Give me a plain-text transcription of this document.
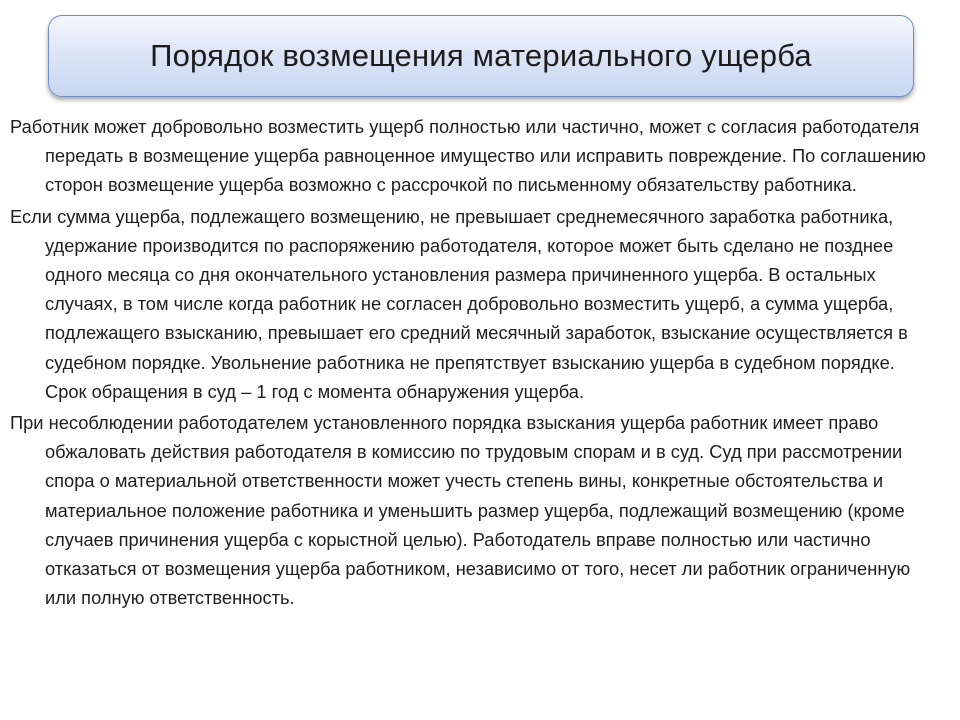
Порядок возмещения материального ущерба

Работник может добровольно возместить ущерб полностью или частично, может с согласия работодателя передать в возмещение ущерба равноценное имущество или исправить повреждение. По соглашению сторон возмещение ущерба возможно с рассрочкой по письменному обязательству работника.

Если сумма ущерба, подлежащего возмещению, не превышает среднемесячного заработка работника, удержание производится по распоряжению работодателя, которое может быть сделано не позднее одного месяца со дня окончательного установления размера причиненного ущерба. В остальных случаях, в том числе когда работник не согласен добровольно возместить ущерб, а сумма ущерба, подлежащего взысканию, превышает его средний месячный заработок, взыскание осуществляется в судебном порядке. Увольнение работника не препятствует взысканию ущерба в судебном порядке. Срок обращения в суд – 1 год с момента обнаружения ущерба.

При несоблюдении работодателем установленного порядка взыскания ущерба работник имеет право обжаловать действия работодателя в комиссию по трудовым спорам и в суд. Суд при рассмотрении спора о материальной ответственности может учесть степень вины, конкретные обстоятельства и материальное положение работника и уменьшить размер ущерба, подлежащий возмещению (кроме случаев причинения ущерба с корыстной целью). Работодатель вправе полностью или частично отказаться от возмещения ущерба работником, независимо от того, несет ли работник ограниченную или полную ответственность.
